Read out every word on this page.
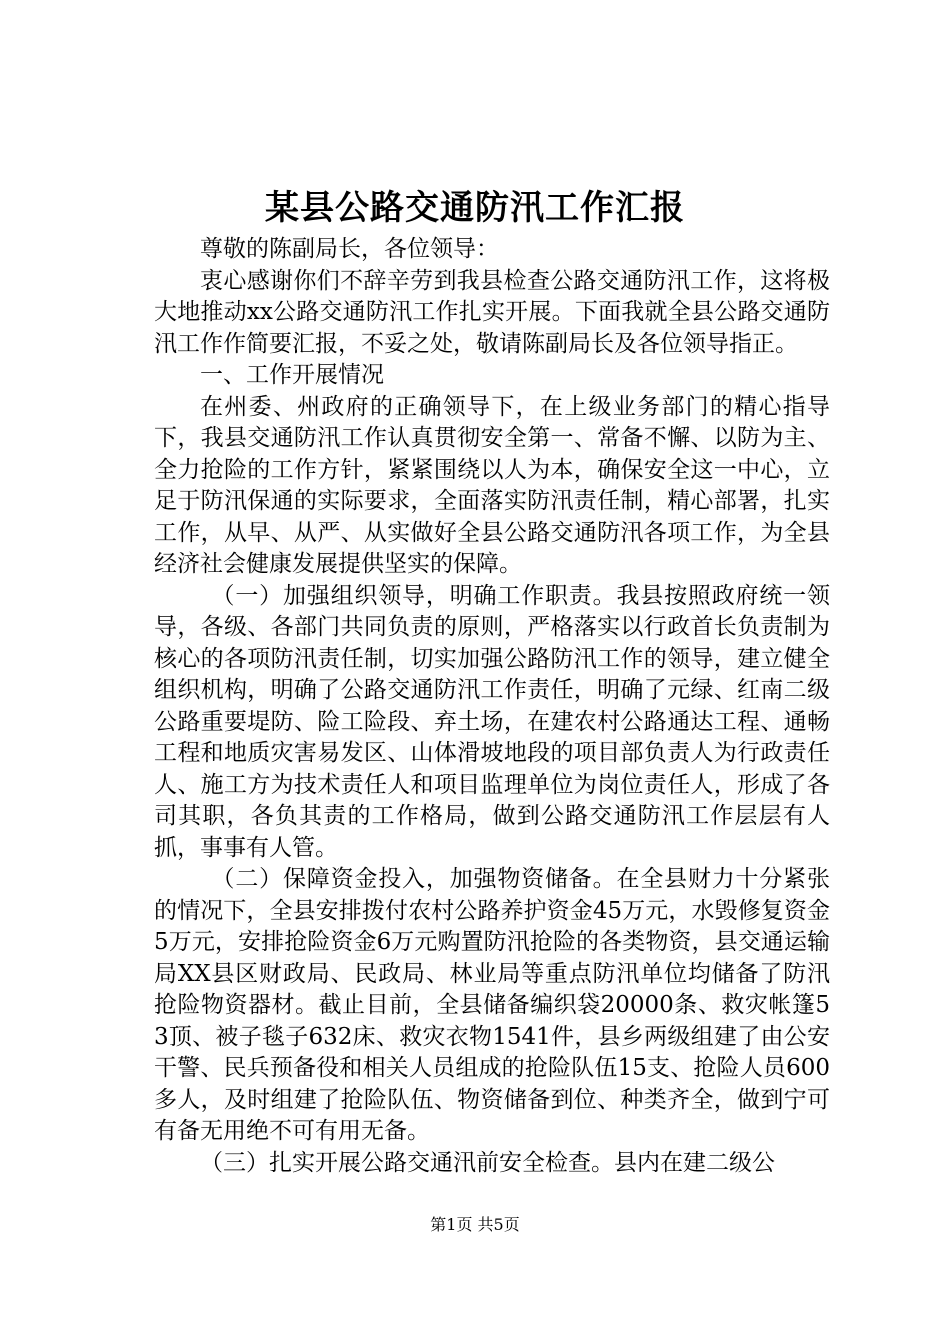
某县公路交通防汛工作汇报

尊敬的陈副局长，各位领导：

衷心感谢你们不辞辛劳到我县检查公路交通防汛工作，这将极大地推动xx公路交通防汛工作扎实开展。下面我就全县公路交通防汛工作作简要汇报，不妥之处，敬请陈副局长及各位领导指正。

一、工作开展情况

在州委、州政府的正确领导下，在上级业务部门的精心指导下，我县交通防汛工作认真贯彻安全第一、常备不懈、以防为主、全力抢险的工作方针，紧紧围绕以人为本，确保安全这一中心，立足于防汛保通的实际要求，全面落实防汛责任制，精心部署，扎实工作，从早、从严、从实做好全县公路交通防汛各项工作，为全县经济社会健康发展提供坚实的保障。

（一）加强组织领导，明确工作职责。我县按照政府统一领导，各级、各部门共同负责的原则，严格落实以行政首长负责制为核心的各项防汛责任制，切实加强公路防汛工作的领导，建立健全组织机构，明确了公路交通防汛工作责任，明确了元绿、红南二级公路重要堤防、险工险段、弃土场，在建农村公路通达工程、通畅工程和地质灾害易发区、山体滑坡地段的项目部负责人为行政责任人、施工方为技术责任人和项目监理单位为岗位责任人，形成了各司其职，各负其责的工作格局，做到公路交通防汛工作层层有人抓，事事有人管。

（二）保障资金投入，加强物资储备。在全县财力十分紧张的情况下，全县安排拨付农村公路养护资金45万元，水毁修复资金5万元，安排抢险资金6万元购置防汛抢险的各类物资，县交通运输局XX县区财政局、民政局、林业局等重点防汛单位均储备了防汛抢险物资器材。截止目前，全县储备编织袋20000条、救灾帐篷53顶、被子毯子632床、救灾衣物1541件，县乡两级组建了由公安干警、民兵预备役和相关人员组成的抢险队伍15支、抢险人员600多人，及时组建了抢险队伍、物资储备到位、种类齐全，做到宁可有备无用绝不可有用无备。

（三）扎实开展公路交通汛前安全检查。县内在建二级公

第1页 共5页
